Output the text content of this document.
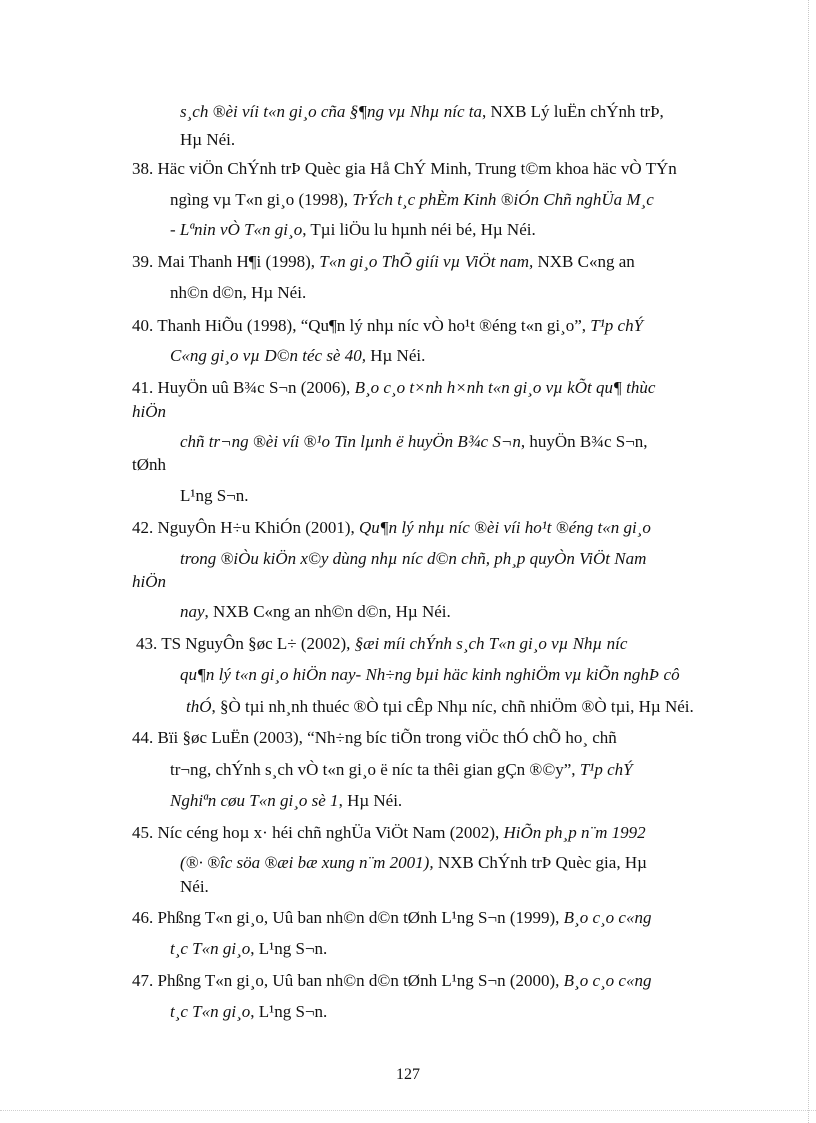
s¸ch ®èi víi t«n gi¸o cña §¶ng vµ Nhµ níc ta, NXB Lý luËn chÝnh trÞ,
Hµ Néi.
38. Häc viÖn ChÝnh trÞ Quèc gia Hå ChÝ Minh, Trung t©m khoa häc vÒ TÝn
ngìng vµ T«n gi¸o (1998), TrÝch t¸c phÈm Kinh ®iÓn Chñ nghÜa M¸c
- Lªnin vÒ T«n gi¸o, Tµi liÖu lu hµnh néi bé, Hµ Néi.
39. Mai Thanh H¶i (1998), T«n gi¸o ThÕ giíi vµ ViÖt nam, NXB C«ng an
nh©n d©n, Hµ Néi.
40. Thanh HiÕu (1998), “Qu¶n lý nhµ níc vÒ ho¹t ®éng t«n gi¸o”, T¹p chÝ
C«ng gi¸o vµ D©n téc sè 40, Hµ Néi.
41. HuyÖn uû B¾c S¬n (2006), B¸o c¸o t×nh h×nh t«n gi¸o vµ kÕt qu¶ thùc
hiÖn
chñ tr¬ng ®èi víi ®¹o Tin lµnh ë huyÖn B¾c S¬n, huyÖn B¾c S¬n,
tØnh
L¹ng S¬n.
42. NguyÔn H÷u KhiÓn (2001), Qu¶n lý nhµ níc ®èi víi ho¹t ®éng t«n gi¸o
trong ®iÒu kiÖn x©y dùng nhµ níc d©n chñ, ph¸p quyÒn ViÖt Nam
hiÖn
nay, NXB C«ng an nh©n d©n, Hµ Néi.
43. TS NguyÔn §øc L÷ (2002), §æi míi chÝnh s¸ch T«n gi¸o vµ Nhµ níc
qu¶n lý t«n gi¸o hiÖn nay- Nh÷ng bµi häc kinh nghiÖm vµ kiÕn nghÞ cô
thÓ, §Ò tµi nh¸nh thuéc ®Ò tµi cÊp Nhµ níc, chñ nhiÖm ®Ò tµi, Hµ Néi.
44. Bïi §øc LuËn (2003), “Nh÷ng bíc tiÕn trong viÖc thÓ chÕ ho¸ chñ
tr¬ng, chÝnh s¸ch vÒ t«n gi¸o ë níc ta thêi gian gÇn ®©y”, T¹p chÝ
Nghiªn cøu T«n gi¸o sè 1, Hµ Néi.
45. Níc céng hoµ x· héi chñ nghÜa ViÖt Nam (2002), HiÕn ph¸p n¨m 1992
(®· ®îc söa ®æi bæ xung n¨m 2001), NXB ChÝnh trÞ Quèc gia, Hµ
Néi.
46. Phßng T«n gi¸o, Uû ban nh©n d©n tØnh L¹ng S¬n (1999), B¸o c¸o c«ng
t¸c T«n gi¸o, L¹ng S¬n.
47. Phßng T«n gi¸o, Uû ban nh©n d©n tØnh L¹ng S¬n (2000), B¸o c¸o c«ng
t¸c T«n gi¸o, L¹ng S¬n.
127
